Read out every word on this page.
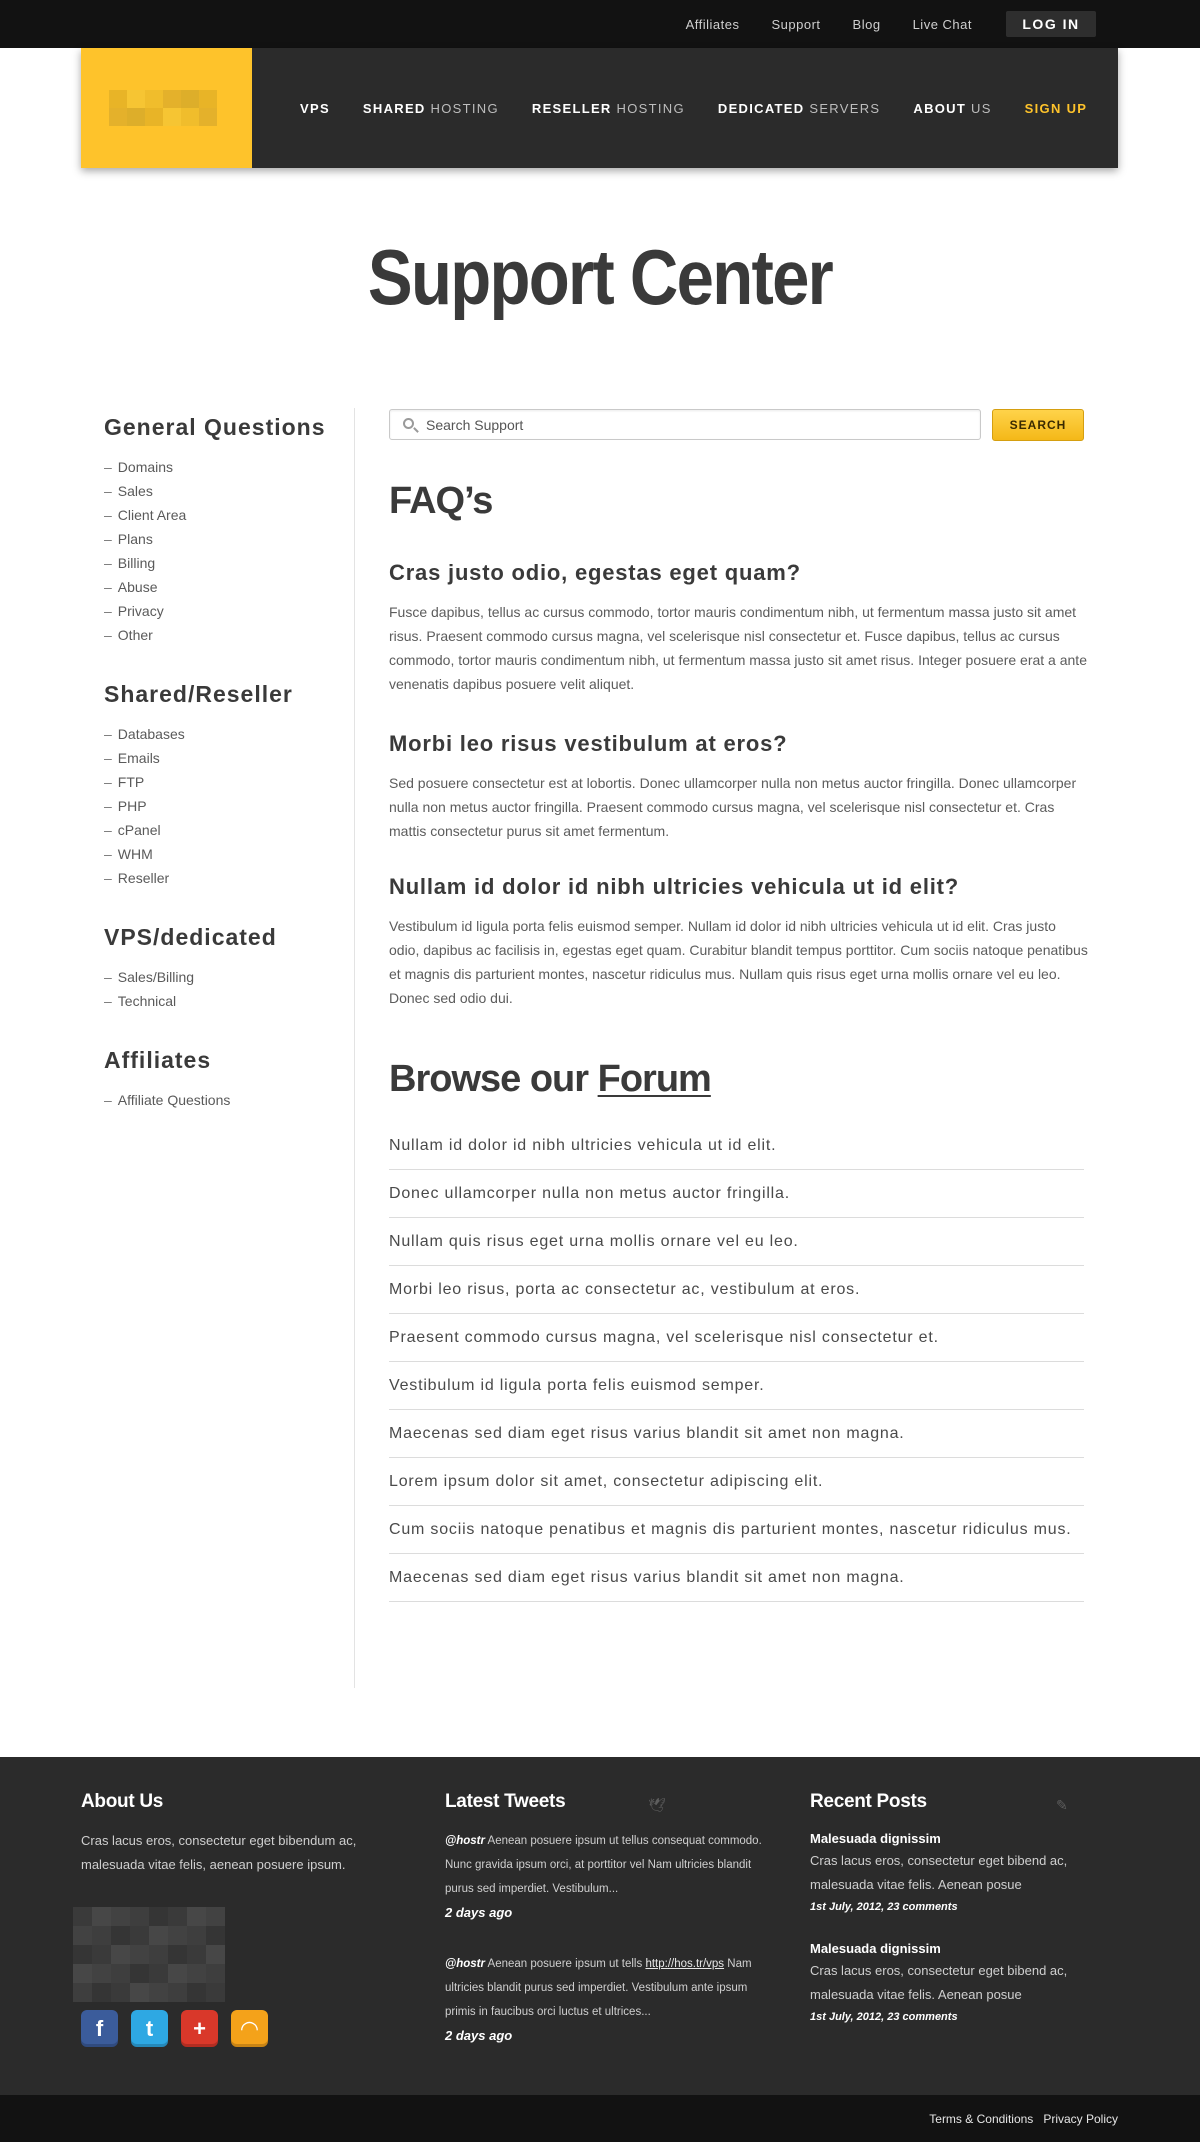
Affiliates Support Blog Live Chat	LOG IN
VPS	SHARED HOSTING	RESELLER HOSTING	DEDICATED SERVERS	ABOUT US	SIGN UP
Support Center
General Questions
– Domains
– Sales
– Client Area
– Plans
– Billing
– Abuse
– Privacy
– Other
Shared/Reseller
– Databases
– Emails
– FTP
– PHP
– cPanel
– WHM
– Reseller
VPS/dedicated
– Sales/Billing
– Technical
Affiliates
– Affiliate Questions
Search Support
SEARCH
FAQ’s
Cras justo odio, egestas eget quam?

Fusce dapibus, tellus ac cursus commodo, tortor mauris condimentum nibh, ut fermentum massa justo sit amet risus. Praesent commodo cursus magna, vel scelerisque nisl consectetur et. Fusce dapibus, tellus ac cursus commodo, tortor mauris condimentum nibh, ut fermentum massa justo sit amet risus. Integer posuere erat a ante venenatis dapibus posuere velit aliquet.

Morbi leo risus vestibulum at eros?

Sed posuere consectetur est at lobortis. Donec ullamcorper nulla non metus auctor fringilla. Donec ullamcorper nulla non metus auctor fringilla. Praesent commodo cursus magna, vel scelerisque nisl consectetur et. Cras mattis consectetur purus sit amet fermentum.

Nullam id dolor id nibh ultricies vehicula ut id elit?

Vestibulum id ligula porta felis euismod semper. Nullam id dolor id nibh ultricies vehicula ut id elit. Cras justo odio, dapibus ac facilisis in, egestas eget quam. Curabitur blandit tempus porttitor. Cum sociis natoque penatibus et magnis dis parturient montes, nascetur ridiculus mus. Nullam quis risus eget urna mollis ornare vel eu leo. Donec sed odio dui.

Browse our Forum
Nullam id dolor id nibh ultricies vehicula ut id elit.
Donec ullamcorper nulla non metus auctor fringilla.
Nullam quis risus eget urna mollis ornare vel eu leo.
Morbi leo risus, porta ac consectetur ac, vestibulum at eros.
Praesent commodo cursus magna, vel scelerisque nisl consectetur et.
Vestibulum id ligula porta felis euismod semper.
Maecenas sed diam eget risus varius blandit sit amet non magna.
Lorem ipsum dolor sit amet, consectetur adipiscing elit.
Cum sociis natoque penatibus et magnis dis parturient montes, nascetur ridiculus mus.
Maecenas sed diam eget risus varius blandit sit amet non magna.
About Us

Cras lacus eros, consectetur eget bibendum ac, malesuada vitae felis, aenean posuere ipsum.

Latest Tweets
@hostr Aenean posuere ipsum ut tellus consequat commodo. Nunc gravida ipsum orci, at porttitor vel Nam ultricies blandit purus sed imperdiet. Vestibulum...
2 days ago
@hostr Aenean posuere ipsum ut tells http://hos.tr/vps Nam ultricies blandit purus sed imperdiet. Vestibulum ante ipsum primis in faucibus orci luctus et ultrices...
2 days ago
🕊	Recent Posts
Malesuada dignissim
Cras lacus eros, consectetur eget bibend ac, malesuada vitae felis. Aenean posue
1st July, 2012, 23 comments
Malesuada dignissim
Cras lacus eros, consectetur eget bibend ac, malesuada vitae felis. Aenean posue
1st July, 2012, 23 comments
✎
f	t	+	◠
Terms & Conditions Privacy Policy
